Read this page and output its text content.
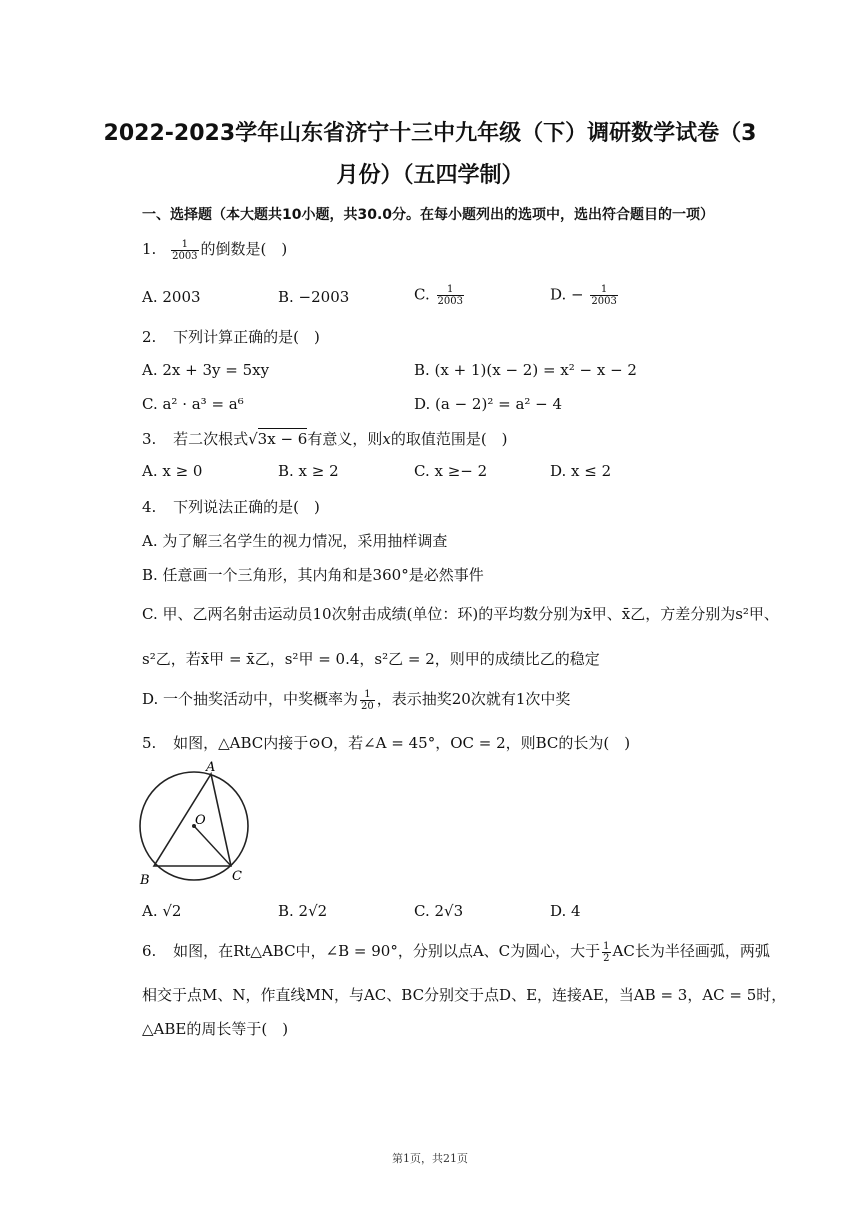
2022-2023学年山东省济宁十三中九年级（下）调研数学试卷（3
月份）（五四学制）
一、选择题（本大题共10小题，共30.0分。在每小题列出的选项中，选出符合题目的一项）
1. $\frac{1}{2003}$ 的倒数是(　)
A. 2003	B. −2003	C. $\frac{1}{2003}$	D. − $\frac{1}{2003}$
2. 下列计算正确的是(　)
A. 2x + 3y = 5xy	B. (x + 1)(x − 2) = x² − x − 2
C. a² · a³ = a⁶	D. (a − 2)² = a² − 4
3. 若二次根式√3x − 6有意义，则x的取值范围是(　)
A. x ≥ 0	B. x ≥ 2	C. x ≥− 2	D. x ≤ 2
4. 下列说法正确的是(　)
A. 为了解三名学生的视力情况，采用抽样调查
B. 任意画一个三角形，其内角和是360°是必然事件
C. 甲、乙两名射击运动员10次射击成绩(单位：环)的平均数分别为x̄甲、x̄乙，方差分别为s²甲、
s²乙，若x̄甲 = x̄乙，s²甲 = 0.4，s²乙 = 2，则甲的成绩比乙的稳定
D. 一个抽奖活动中，中奖概率为 $\frac{1}{20}$ ，表示抽奖20次就有1次中奖
5. 如图，△ABC内接于⊙O，若∠A = 45°，OC = 2，则BC的长为(　)
A
B	C
O
A. √2	B. 2√2	C. 2√3	D. 4
6. 如图，在Rt△ABC中，∠B = 90°，分别以点A、C为圆心，大于 $\frac{1}{2}$ AC长为半径画弧，两弧
相交于点M、N，作直线MN，与AC、BC分别交于点D、E，连接AE，当AB = 3，AC = 5时，
△ABE的周长等于(　)
第1页，共21页
